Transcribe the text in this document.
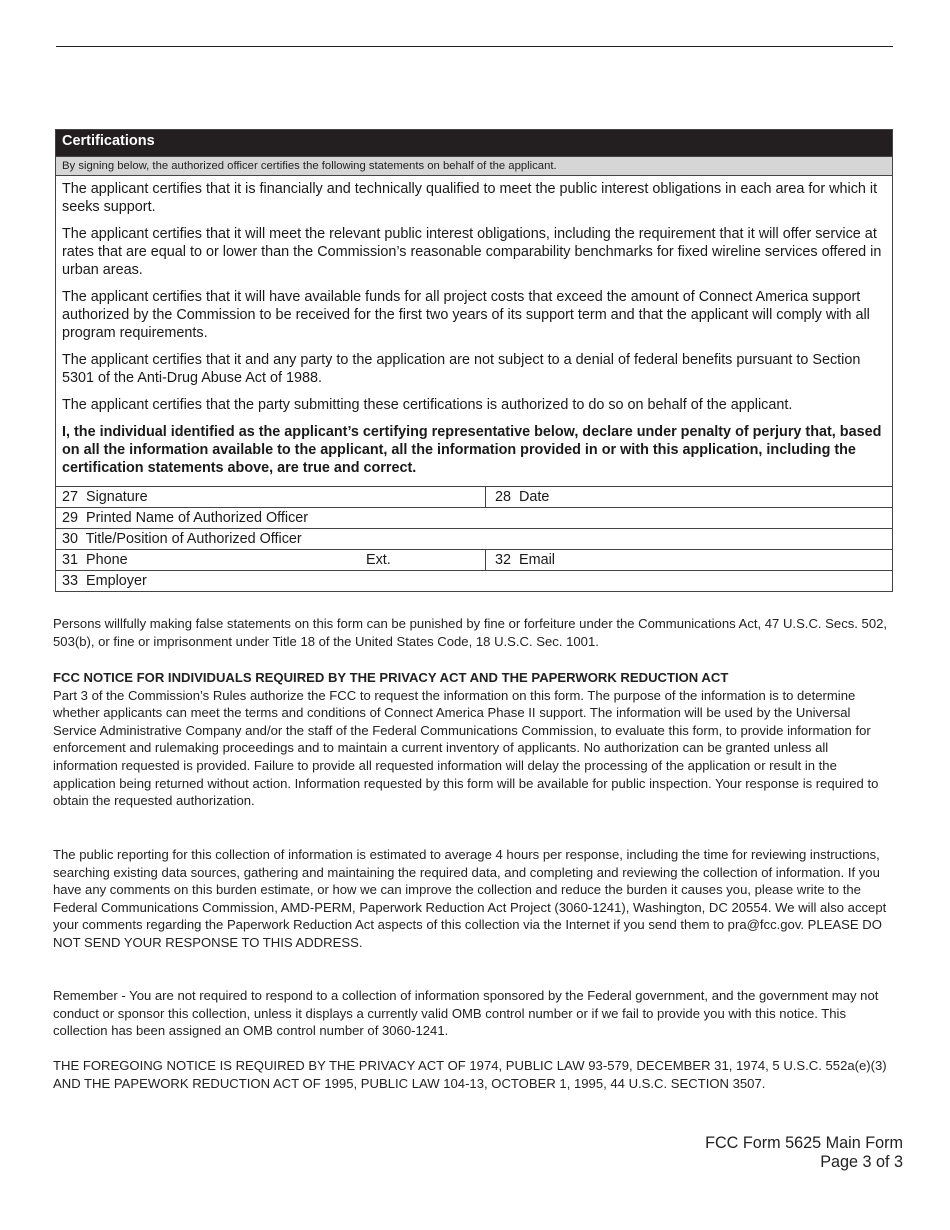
Certifications
By signing below, the authorized officer certifies the following statements on behalf of the applicant.

The applicant certifies that it is financially and technically qualified to meet the public interest obligations in each area for which it seeks support.

The applicant certifies that it will meet the relevant public interest obligations, including the requirement that it will offer service at rates that are equal to or lower than the Commission’s reasonable comparability benchmarks for fixed wireline services offered in urban areas.

The applicant certifies that it will have available funds for all project costs that exceed the amount of Connect America support authorized by the Commission to be received for the first two years of its support term and that the applicant will comply with all program requirements.

The applicant certifies that it and any party to the application are not subject to a denial of federal benefits pursuant to Section 5301 of the Anti-Drug Abuse Act of 1988.

The applicant certifies that the party submitting these certifications is authorized to do so on behalf of the applicant.

I, the individual identified as the applicant’s certifying representative below, declare under penalty of perjury that, based on all the information available to the applicant, all the information provided in or with this application, including the certification statements above, are true and correct.

27 Signature	28 Date
29 Printed Name of Authorized Officer
30 Title/Position of Authorized Officer
31 Phone	Ext.	32 Email
33 Employer

Persons willfully making false statements on this form can be punished by fine or forfeiture under the Communications Act, 47 U.S.C. Secs. 502, 503(b), or fine or imprisonment under Title 18 of the United States Code, 18 U.S.C. Sec. 1001.

FCC NOTICE FOR INDIVIDUALS REQUIRED BY THE PRIVACY ACT AND THE PAPERWORK REDUCTION ACT

Part 3 of the Commission’s Rules authorize the FCC to request the information on this form. The purpose of the information is to determine whether applicants can meet the terms and conditions of Connect America Phase II support. The information will be used by the Universal Service Administrative Company and/or the staff of the Federal Communications Commission, to evaluate this form, to provide information for enforcement and rulemaking proceedings and to maintain a current inventory of applicants. No authorization can be granted unless all information requested is provided. Failure to provide all requested information will delay the processing of the application or result in the application being returned without action. Information requested by this form will be available for public inspection. Your response is required to obtain the requested authorization.

The public reporting for this collection of information is estimated to average 4 hours per response, including the time for reviewing instructions, searching existing data sources, gathering and maintaining the required data, and completing and reviewing the collection of information. If you have any comments on this burden estimate, or how we can improve the collection and reduce the burden it causes you, please write to the Federal Communications Commission, AMD-PERM, Paperwork Reduction Act Project (3060-1241), Washington, DC 20554. We will also accept your comments regarding the Paperwork Reduction Act aspects of this collection via the Internet if you send them to pra@fcc.gov. PLEASE DO NOT SEND YOUR RESPONSE TO THIS ADDRESS.

Remember - You are not required to respond to a collection of information sponsored by the Federal government, and the government may not conduct or sponsor this collection, unless it displays a currently valid OMB control number or if we fail to provide you with this notice. This collection has been assigned an OMB control number of 3060-1241.

THE FOREGOING NOTICE IS REQUIRED BY THE PRIVACY ACT OF 1974, PUBLIC LAW 93-579, DECEMBER 31, 1974, 5 U.S.C. 552a(e)(3) AND THE PAPEWORK REDUCTION ACT OF 1995, PUBLIC LAW 104-13, OCTOBER 1, 1995, 44 U.S.C. SECTION 3507.

FCC Form 5625 Main Form
Page 3 of 3
